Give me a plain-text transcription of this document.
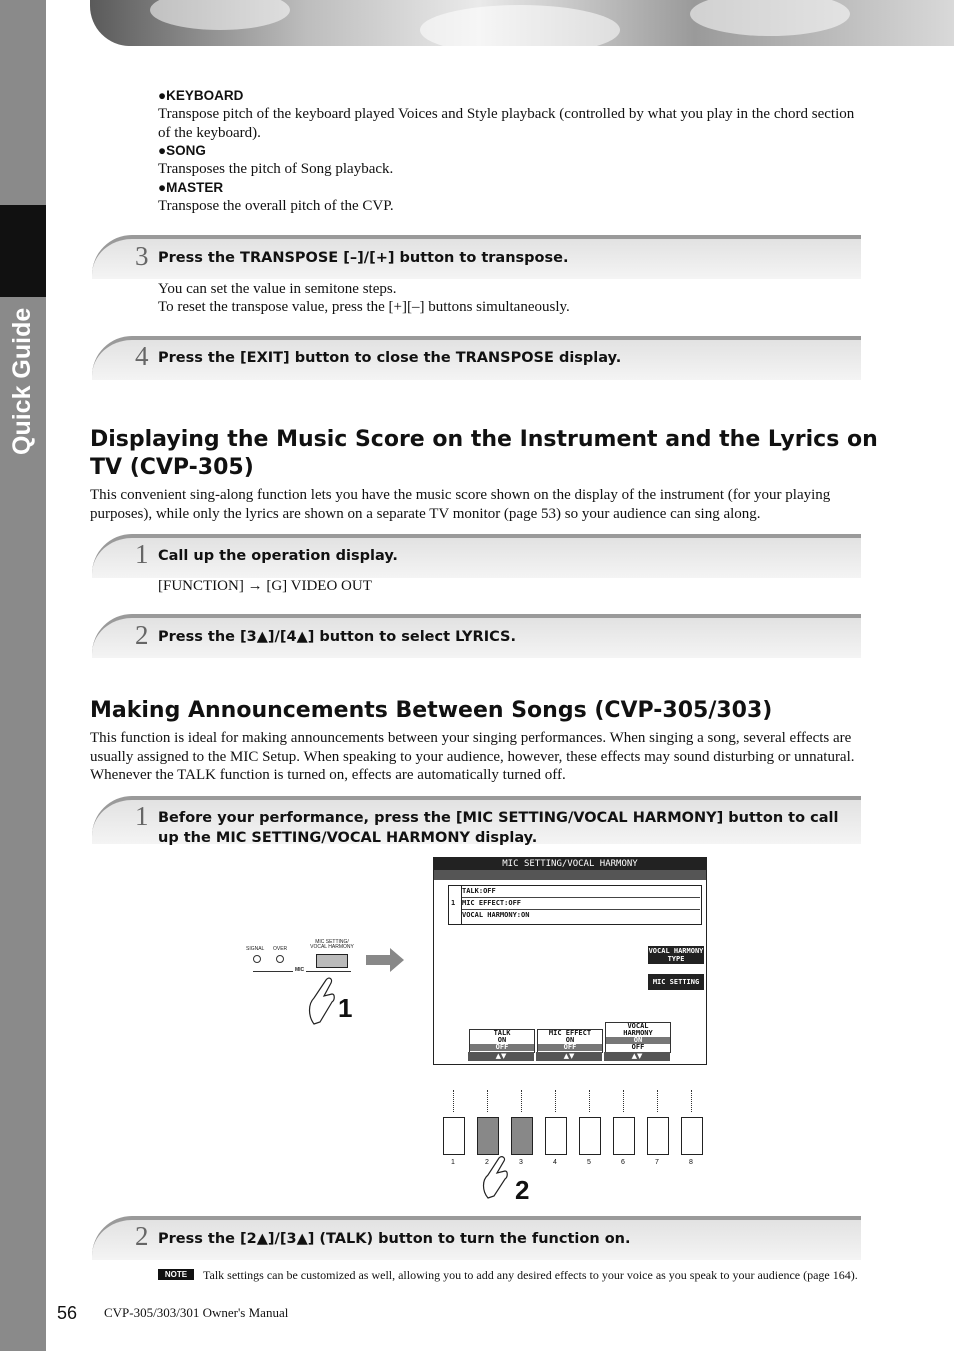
Quick Guide
●KEYBOARD
Transpose pitch of the keyboard played Voices and Style playback (controlled by what you play in the chord section of the keyboard).
●SONG
Transposes the pitch of Song playback.
●MASTER
Transpose the overall pitch of the CVP.
3 Press the TRANSPOSE [–]/[+] button to transpose.
You can set the value in semitone steps.
To reset the transpose value, press the [+][–] buttons simultaneously.
4 Press the [EXIT] button to close the TRANSPOSE display.
Displaying the Music Score on the Instrument and the Lyrics on TV (CVP-305)
This convenient sing-along function lets you have the music score shown on the display of the instrument (for your playing purposes), while only the lyrics are shown on a separate TV monitor (page 53) so your audience can sing along.
1 Call up the operation display.
[FUNCTION] → [G] VIDEO OUT
2 Press the [3▲]/[4▲] button to select LYRICS.
Making Announcements Between Songs (CVP-305/303)
This function is ideal for making announcements between your singing performances. When singing a song, several effects are usually assigned to the MIC Setup. When speaking to your audience, however, these effects may sound disturbing or unnatural. Whenever the TALK function is turned on, effects are automatically turned off.
1 Before your performance, press the [MIC SETTING/VOCAL HARMONY] button to call up the MIC SETTING/VOCAL HARMONY display.
SIGNAL OVER
MIC SETTING/ VOCAL HARMONY
MIC
1
MIC SETTING/VOCAL HARMONY
1
TALK:OFF
MIC EFFECT:OFF
VOCAL HARMONY:ON
VOCAL HARMONY TYPE
MIC SETTING
TALK
ON
OFF
MIC EFFECT
ON
OFF
VOCAL HARMONY
ON
OFF
▲▼	▲▼	▲▼
1	2	3	4	5	6	7	8
2
2 Press the [2▲]/[3▲] (TALK) button to turn the function on.
NOTE	Talk settings can be customized as well, allowing you to add any desired effects to your voice as you speak to your audience (page 164).
56 CVP-305/303/301 Owner's Manual
